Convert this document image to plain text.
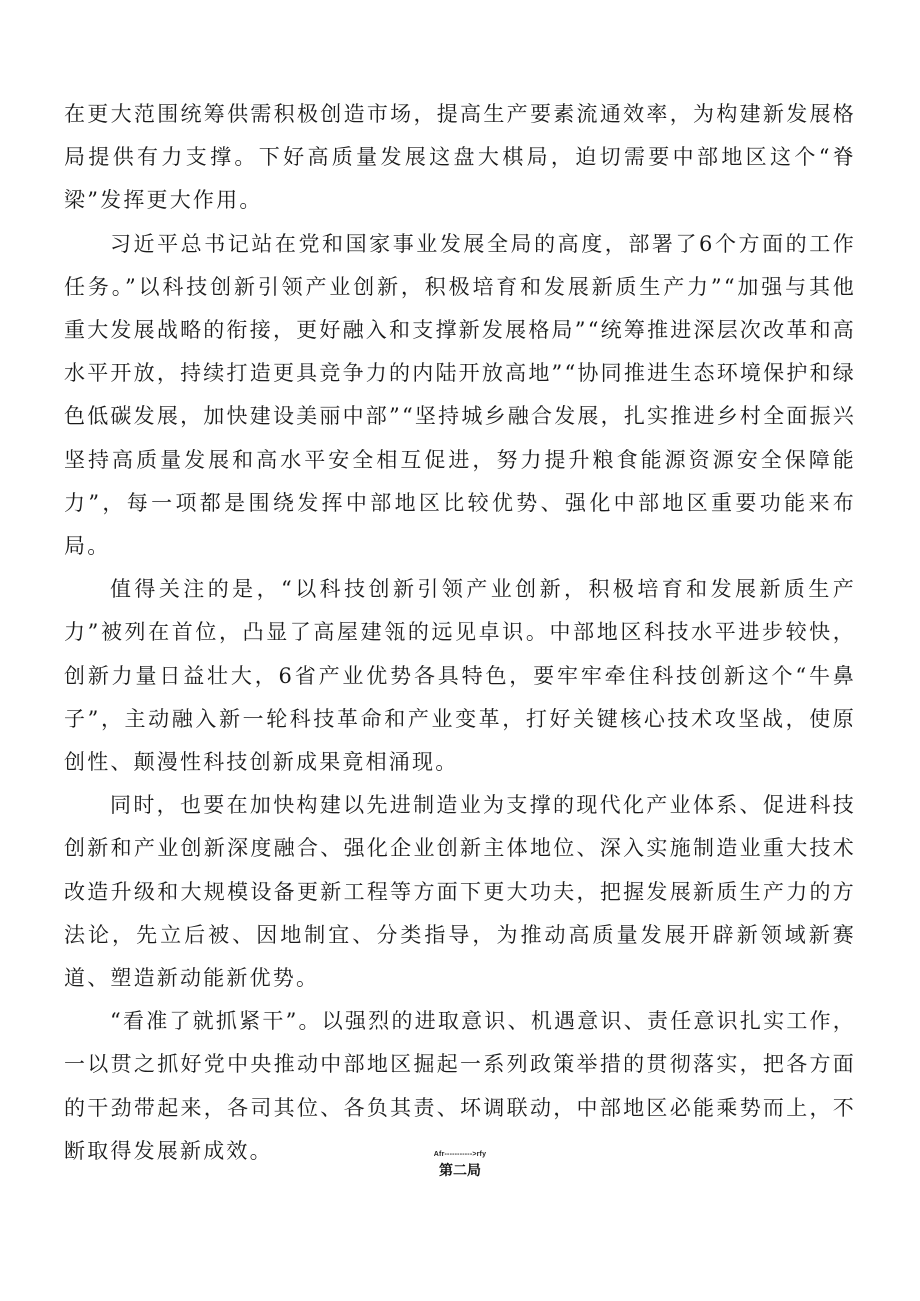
在更大范围统筹供需积极创造市场，提高生产要素流通效率，为构建新发展格局提供有力支撑。下好高质量发展这盘大棋局，迫切需要中部地区这个“脊梁”发挥更大作用。

习近平总书记站在党和国家事业发展全局的高度，部署了6个方面的工作任务。”以科技创新引领产业创新，积极培育和发展新质生产力”“加强与其他重大发展战略的衔接，更好融入和支撑新发展格局”“统筹推进深层次改革和高水平开放，持续打造更具竞争力的内陆开放高地”“协同推进生态环境保护和绿色低碳发展，加快建设美丽中部”“坚持城乡融合发展，扎实推进乡村全面振兴坚持高质量发展和高水平安全相互促进，努力提升粮食能源资源安全保障能力”，每一项都是围绕发挥中部地区比较优势、强化中部地区重要功能来布局。

值得关注的是，“以科技创新引领产业创新，积极培育和发展新质生产力”被列在首位，凸显了高屋建瓴的远见卓识。中部地区科技水平进步较快，创新力量日益壮大，6省产业优势各具特色，要牢牢牵住科技创新这个“牛鼻子”，主动融入新一轮科技革命和产业变革，打好关键核心技术攻坚战，使原创性、颠漫性科技创新成果竟相涌现。

同时，也要在加快构建以先进制造业为支撑的现代化产业体系、促进科技创新和产业创新深度融合、强化企业创新主体地位、深入实施制造业重大技术改造升级和大规模设备更新工程等方面下更大功夫，把握发展新质生产力的方法论，先立后被、因地制宜、分类指导，为推动高质量发展开辟新领域新赛道、塑造新动能新优势。

“看准了就抓紧干”。以强烈的进取意识、机遇意识、责任意识扎实工作，一以贯之抓好党中央推动中部地区掘起一系列政策举措的贯彻落实，把各方面的干劲带起来，各司其位、各负其责、坏调联动，中部地区必能乘势而上，不断取得发展新成效。	Afr----------->rfy
第二局
